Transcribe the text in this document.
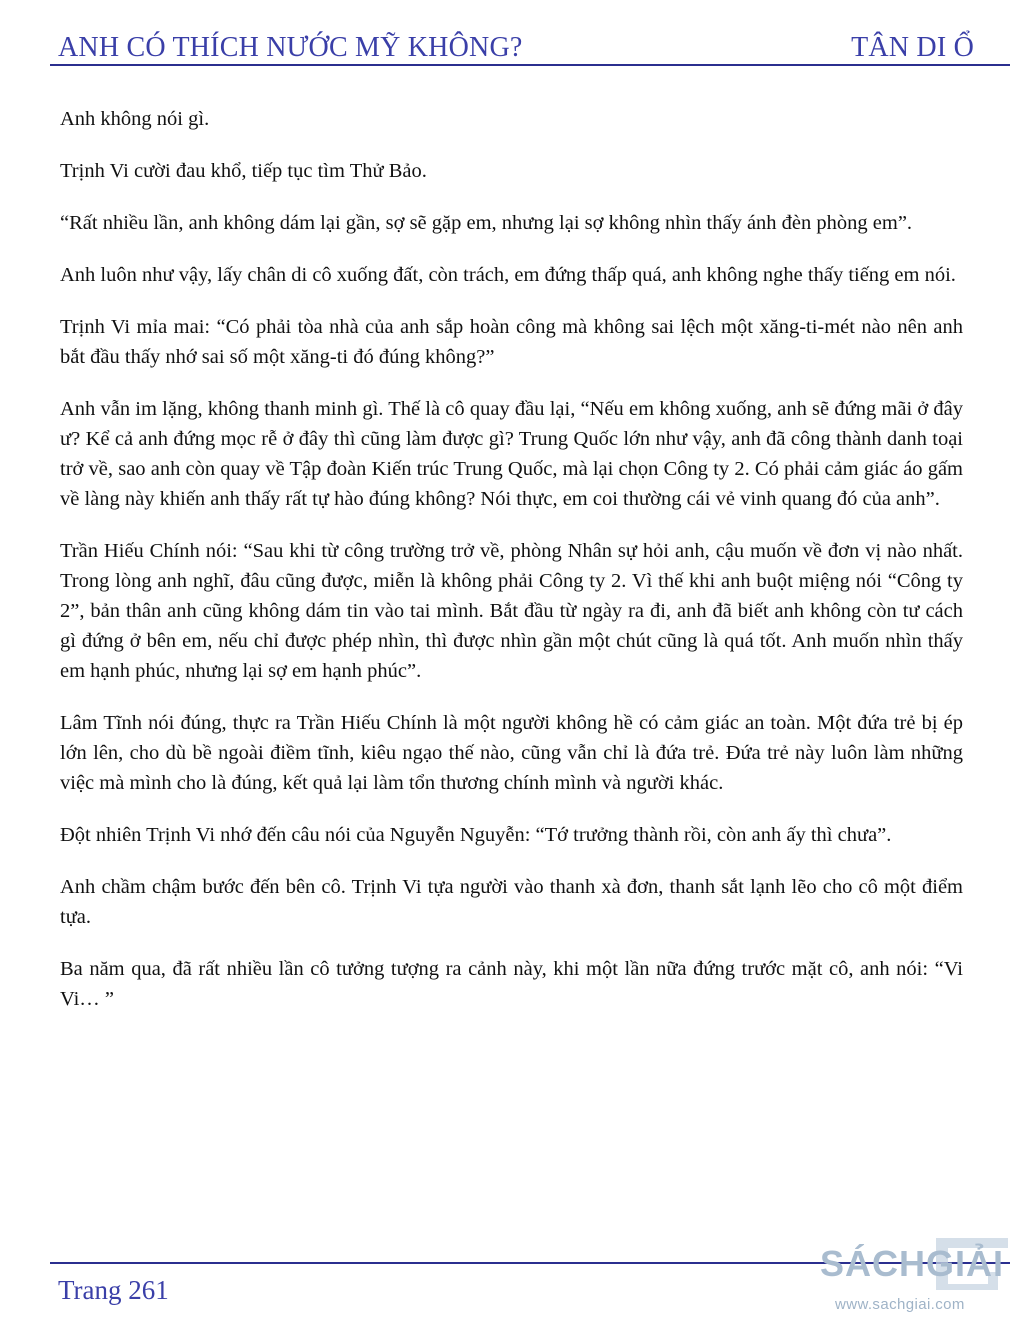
ANH CÓ THÍCH NƯỚC MỸ KHÔNG?	TÂN DI Ổ

Anh không nói gì.

Trịnh Vi cười đau khổ, tiếp tục tìm Thử Bảo.

“Rất nhiều lần, anh không dám lại gần, sợ sẽ gặp em, nhưng lại sợ không nhìn thấy ánh đèn phòng em”.

Anh luôn như vậy, lấy chân di cô xuống đất, còn trách, em đứng thấp quá, anh không nghe thấy tiếng em nói.

Trịnh Vi mỉa mai: “Có phải tòa nhà của anh sắp hoàn công mà không sai lệch một xăng-ti-mét nào nên anh bắt đầu thấy nhớ sai số một xăng-ti đó đúng không?”

Anh vẫn im lặng, không thanh minh gì. Thế là cô quay đầu lại, “Nếu em không xuống, anh sẽ đứng mãi ở đây ư? Kể cả anh đứng mọc rễ ở đây thì cũng làm được gì? Trung Quốc lớn như vậy, anh đã công thành danh toại trở về, sao anh còn quay về Tập đoàn Kiến trúc Trung Quốc, mà lại chọn Công ty 2. Có phải cảm giác áo gấm về làng này khiến anh thấy rất tự hào đúng không? Nói thực, em coi thường cái vẻ vinh quang đó của anh”.

Trần Hiếu Chính nói: “Sau khi từ công trường trở về, phòng Nhân sự hỏi anh, cậu muốn về đơn vị nào nhất. Trong lòng anh nghĩ, đâu cũng được, miễn là không phải Công ty 2. Vì thế khi anh buột miệng nói “Công ty 2”, bản thân anh cũng không dám tin vào tai mình. Bắt đầu từ ngày ra đi, anh đã biết anh không còn tư cách gì đứng ở bên em, nếu chỉ được phép nhìn, thì được nhìn gần một chút cũng là quá tốt. Anh muốn nhìn thấy em hạnh phúc, nhưng lại sợ em hạnh phúc”.

Lâm Tĩnh nói đúng, thực ra Trần Hiếu Chính là một người không hề có cảm giác an toàn. Một đứa trẻ bị ép lớn lên, cho dù bề ngoài điềm tĩnh, kiêu ngạo thế nào, cũng vẫn chỉ là đứa trẻ. Đứa trẻ này luôn làm những việc mà mình cho là đúng, kết quả lại làm tổn thương chính mình và người khác.

Đột nhiên Trịnh Vi nhớ đến câu nói của Nguyễn Nguyễn: “Tớ trưởng thành rồi, còn anh ấy thì chưa”.

Anh chầm chậm bước đến bên cô. Trịnh Vi tựa người vào thanh xà đơn, thanh sắt lạnh lẽo cho cô một điểm tựa.

Ba năm qua, đã rất nhiều lần cô tưởng tượng ra cảnh này, khi một lần nữa đứng trước mặt cô, anh nói: “Vi Vi… ”

Trang 261
SÁCHGIẢI
www.sachgiai.com
